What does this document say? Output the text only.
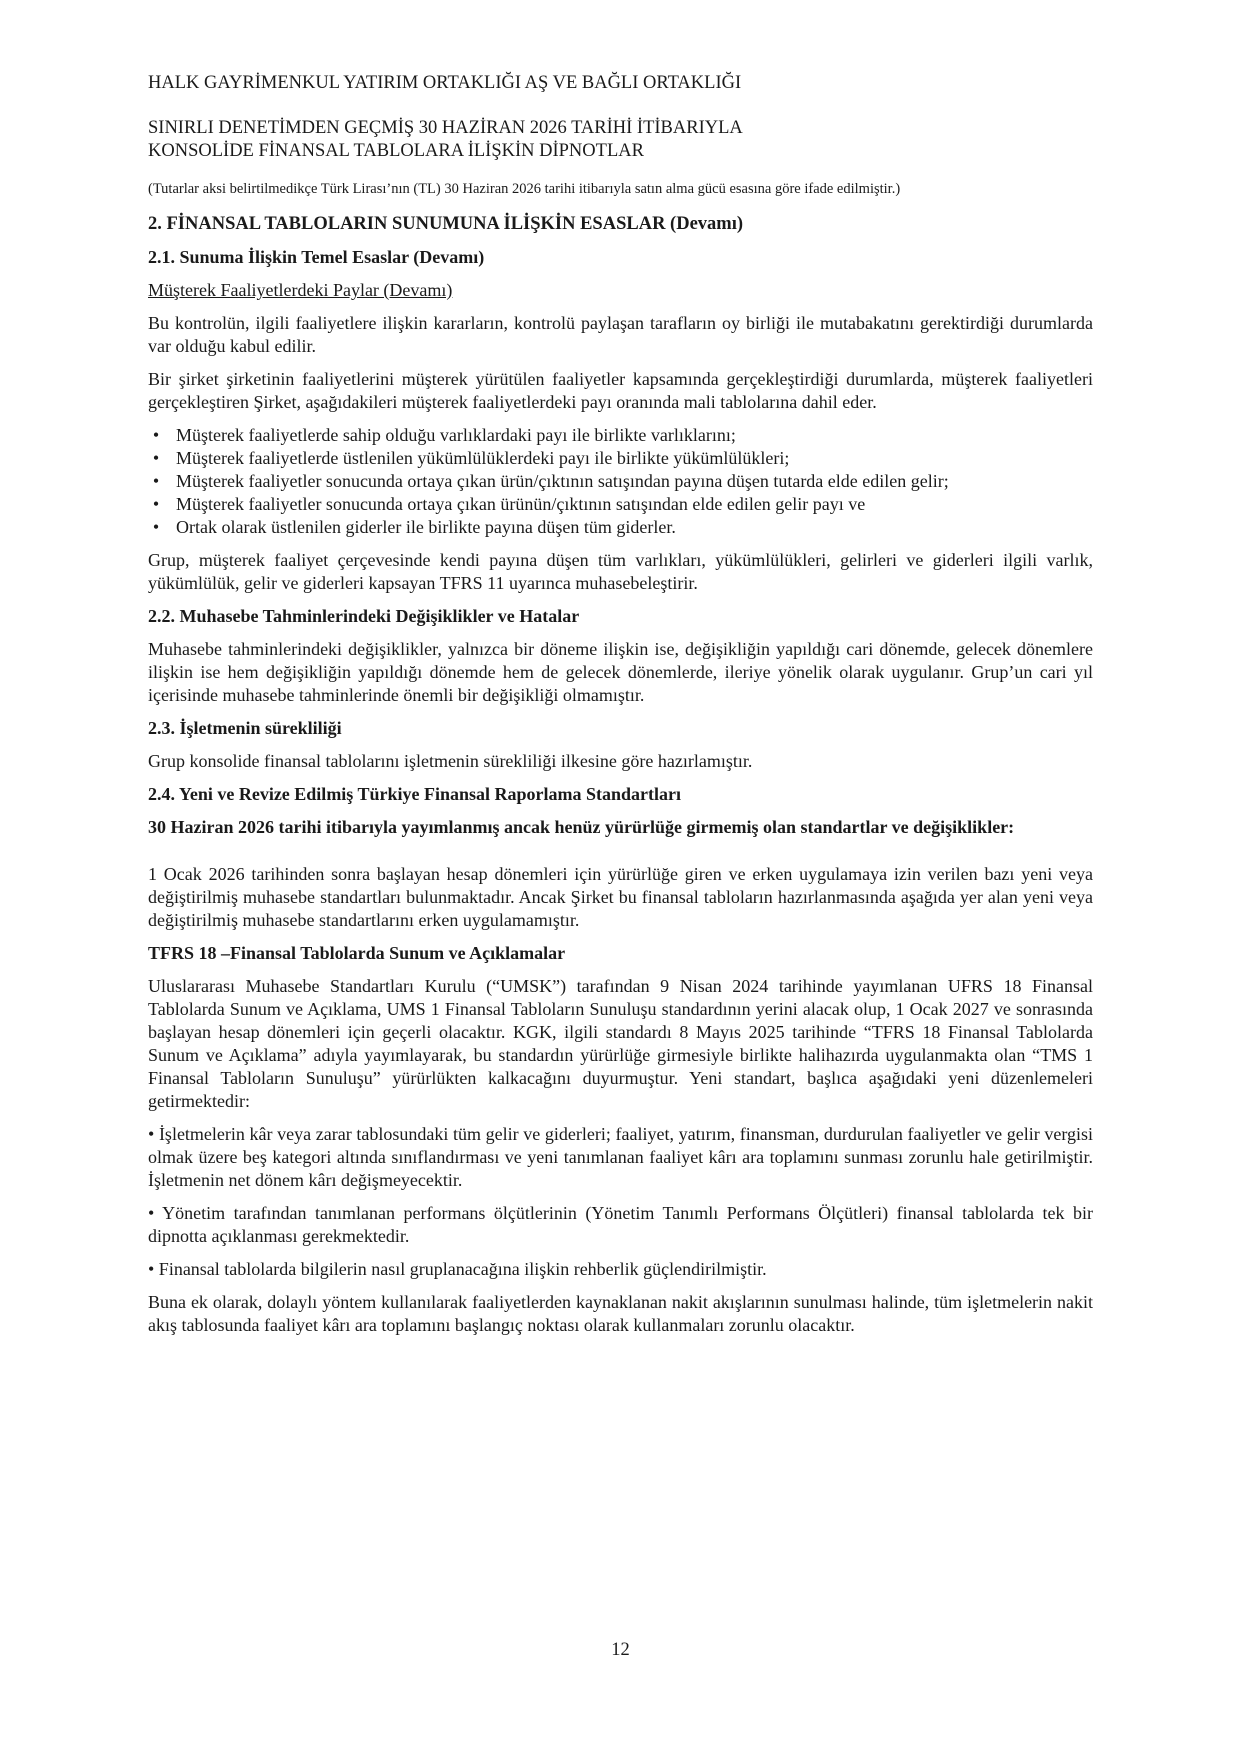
HALK GAYRİMENKUL YATIRIM ORTAKLIĞI AŞ VE BAĞLI ORTAKLIĞI

SINIRLI DENETİMDEN GEÇMİŞ 30 HAZİRAN 2026 TARİHİ İTİBARIYLA

KONSOLİDE FİNANSAL TABLOLARA İLİŞKİN DİPNOTLAR

(Tutarlar aksi belirtilmedikçe Türk Lirası’nın (TL) 30 Haziran 2026 tarihi itibarıyla satın alma gücü esasına göre ifade edilmiştir.)

2. FİNANSAL TABLOLARIN SUNUMUNA İLİŞKİN ESASLAR (Devamı)
2.1. Sunuma İlişkin Temel Esaslar (Devamı)

Müşterek Faaliyetlerdeki Paylar (Devamı)

Bu kontrolün, ilgili faaliyetlere ilişkin kararların, kontrolü paylaşan tarafların oy birliği ile mutabakatını gerektirdiği durumlarda var olduğu kabul edilir.

Bir şirket şirketinin faaliyetlerini müşterek yürütülen faaliyetler kapsamında gerçekleştirdiği durumlarda, müşterek faaliyetleri gerçekleştiren Şirket, aşağıdakileri müşterek faaliyetlerdeki payı oranında mali tablolarına dahil eder.

• Müşterek faaliyetlerde sahip olduğu varlıklardaki payı ile birlikte varlıklarını;
• Müşterek faaliyetlerde üstlenilen yükümlülüklerdeki payı ile birlikte yükümlülükleri;
• Müşterek faaliyetler sonucunda ortaya çıkan ürün/çıktının satışından payına düşen tutarda elde edilen gelir;
• Müşterek faaliyetler sonucunda ortaya çıkan ürünün/çıktının satışından elde edilen gelir payı ve
• Ortak olarak üstlenilen giderler ile birlikte payına düşen tüm giderler.

Grup, müşterek faaliyet çerçevesinde kendi payına düşen tüm varlıkları, yükümlülükleri, gelirleri ve giderleri ilgili varlık, yükümlülük, gelir ve giderleri kapsayan TFRS 11 uyarınca muhasebeleştirir.

2.2. Muhasebe Tahminlerindeki Değişiklikler ve Hatalar

Muhasebe tahminlerindeki değişiklikler, yalnızca bir döneme ilişkin ise, değişikliğin yapıldığı cari dönemde, gelecek dönemlere ilişkin ise hem değişikliğin yapıldığı dönemde hem de gelecek dönemlerde, ileriye yönelik olarak uygulanır. Grup’un cari yıl içerisinde muhasebe tahminlerinde önemli bir değişikliği olmamıştır.

2.3. İşletmenin sürekliliği

Grup konsolide finansal tablolarını işletmenin sürekliliği ilkesine göre hazırlamıştır.

2.4. Yeni ve Revize Edilmiş Türkiye Finansal Raporlama Standartları
30 Haziran 2026 tarihi itibarıyla yayımlanmış ancak henüz yürürlüğe girmemiş olan standartlar ve değişiklikler:

1 Ocak 2026 tarihinden sonra başlayan hesap dönemleri için yürürlüğe giren ve erken uygulamaya izin verilen bazı yeni veya değiştirilmiş muhasebe standartları bulunmaktadır. Ancak Şirket bu finansal tabloların hazırlanmasında aşağıda yer alan yeni veya değiştirilmiş muhasebe standartlarını erken uygulamamıştır.

TFRS 18 –Finansal Tablolarda Sunum ve Açıklamalar

Uluslararası Muhasebe Standartları Kurulu (“UMSK”) tarafından 9 Nisan 2024 tarihinde yayımlanan UFRS 18 Finansal Tablolarda Sunum ve Açıklama, UMS 1 Finansal Tabloların Sunuluşu standardının yerini alacak olup, 1 Ocak 2027 ve sonrasında başlayan hesap dönemleri için geçerli olacaktır. KGK, ilgili standardı 8 Mayıs 2025 tarihinde “TFRS 18 Finansal Tablolarda Sunum ve Açıklama” adıyla yayımlayarak, bu standardın yürürlüğe girmesiyle birlikte halihazırda uygulanmakta olan “TMS 1 Finansal Tabloların Sunuluşu” yürürlükten kalkacağını duyurmuştur. Yeni standart, başlıca aşağıdaki yeni düzenlemeleri getirmektedir:

• İşletmelerin kâr veya zarar tablosundaki tüm gelir ve giderleri; faaliyet, yatırım, finansman, durdurulan faaliyetler ve gelir vergisi olmak üzere beş kategori altında sınıflandırması ve yeni tanımlanan faaliyet kârı ara toplamını sunması zorunlu hale getirilmiştir. İşletmenin net dönem kârı değişmeyecektir.

• Yönetim tarafından tanımlanan performans ölçütlerinin (Yönetim Tanımlı Performans Ölçütleri) finansal tablolarda tek bir dipnotta açıklanması gerekmektedir.

• Finansal tablolarda bilgilerin nasıl gruplanacağına ilişkin rehberlik güçlendirilmiştir.

Buna ek olarak, dolaylı yöntem kullanılarak faaliyetlerden kaynaklanan nakit akışlarının sunulması halinde, tüm işletmelerin nakit akış tablosunda faaliyet kârı ara toplamını başlangıç noktası olarak kullanmaları zorunlu olacaktır.

12
